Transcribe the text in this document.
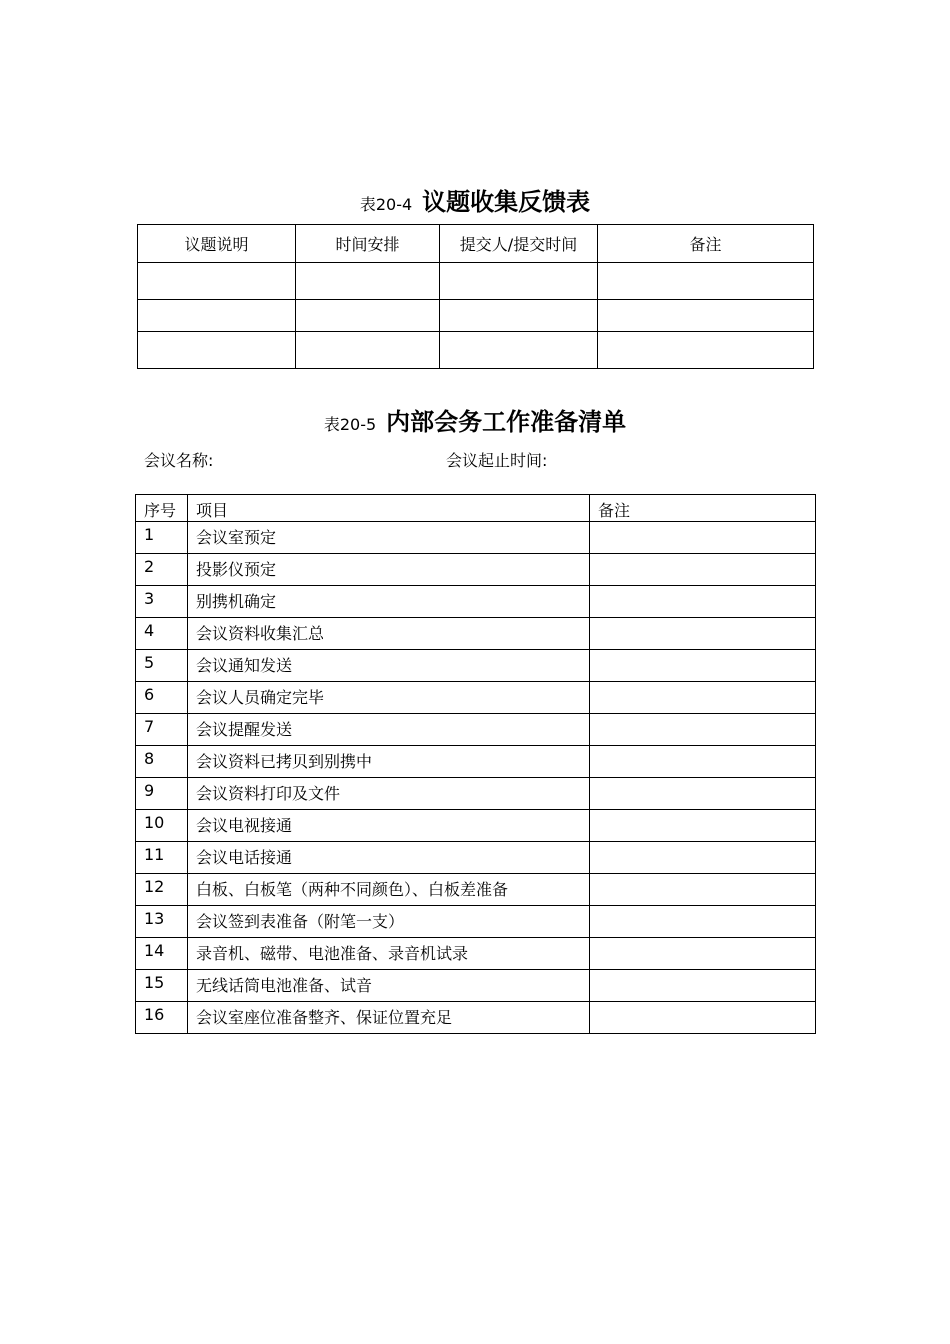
表20-4 议题收集反馈表
议题说明	时间安排	提交人/提交时间	备注

表20-5 内部会务工作准备清单
会议名称:	会议起止时间:
序号	项目	备注
1	会议室预定	
2	投影仪预定	
3	别携机确定	
4	会议资料收集汇总	
5	会议通知发送	
6	会议人员确定完毕	
7	会议提醒发送	
8	会议资料已拷贝到别携中	
9	会议资料打印及文件	
10	会议电视接通	
11	会议电话接通	
12	白板、白板笔（两种不同颜色）、白板差准备	
13	会议签到表准备（附笔一支）	
14	录音机、磁带、电池准备、录音机试录	
15	无线话筒电池准备、试音	
16	会议室座位准备整齐、保证位置充足	
